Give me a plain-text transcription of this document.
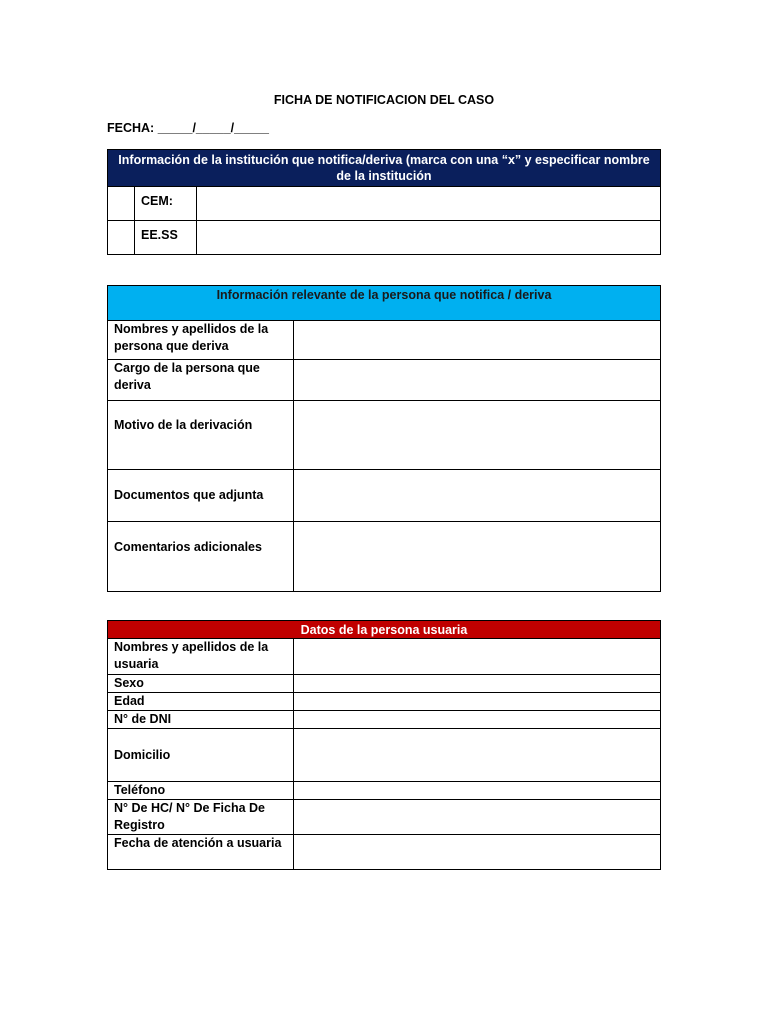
FICHA DE NOTIFICACION DEL CASO
FECHA: _____/_____/_____
Información de la institución que notifica/deriva (marca con una “x” y especificar nombre de la institución		
	CEM:	
	EE.SS	
Información relevante de la persona que notifica / deriva	
Nombres y apellidos de la persona que deriva	
Cargo de la persona que deriva	
Motivo de la derivación	
Documentos que adjunta	
Comentarios adicionales	
Datos de la persona usuaria	
Nombres y apellidos de la usuaria	
Sexo	
Edad	
N° de DNI	
Domicilio	
Teléfono	
N° De HC/ N° De Ficha De Registro	
Fecha de atención a usuaria	
